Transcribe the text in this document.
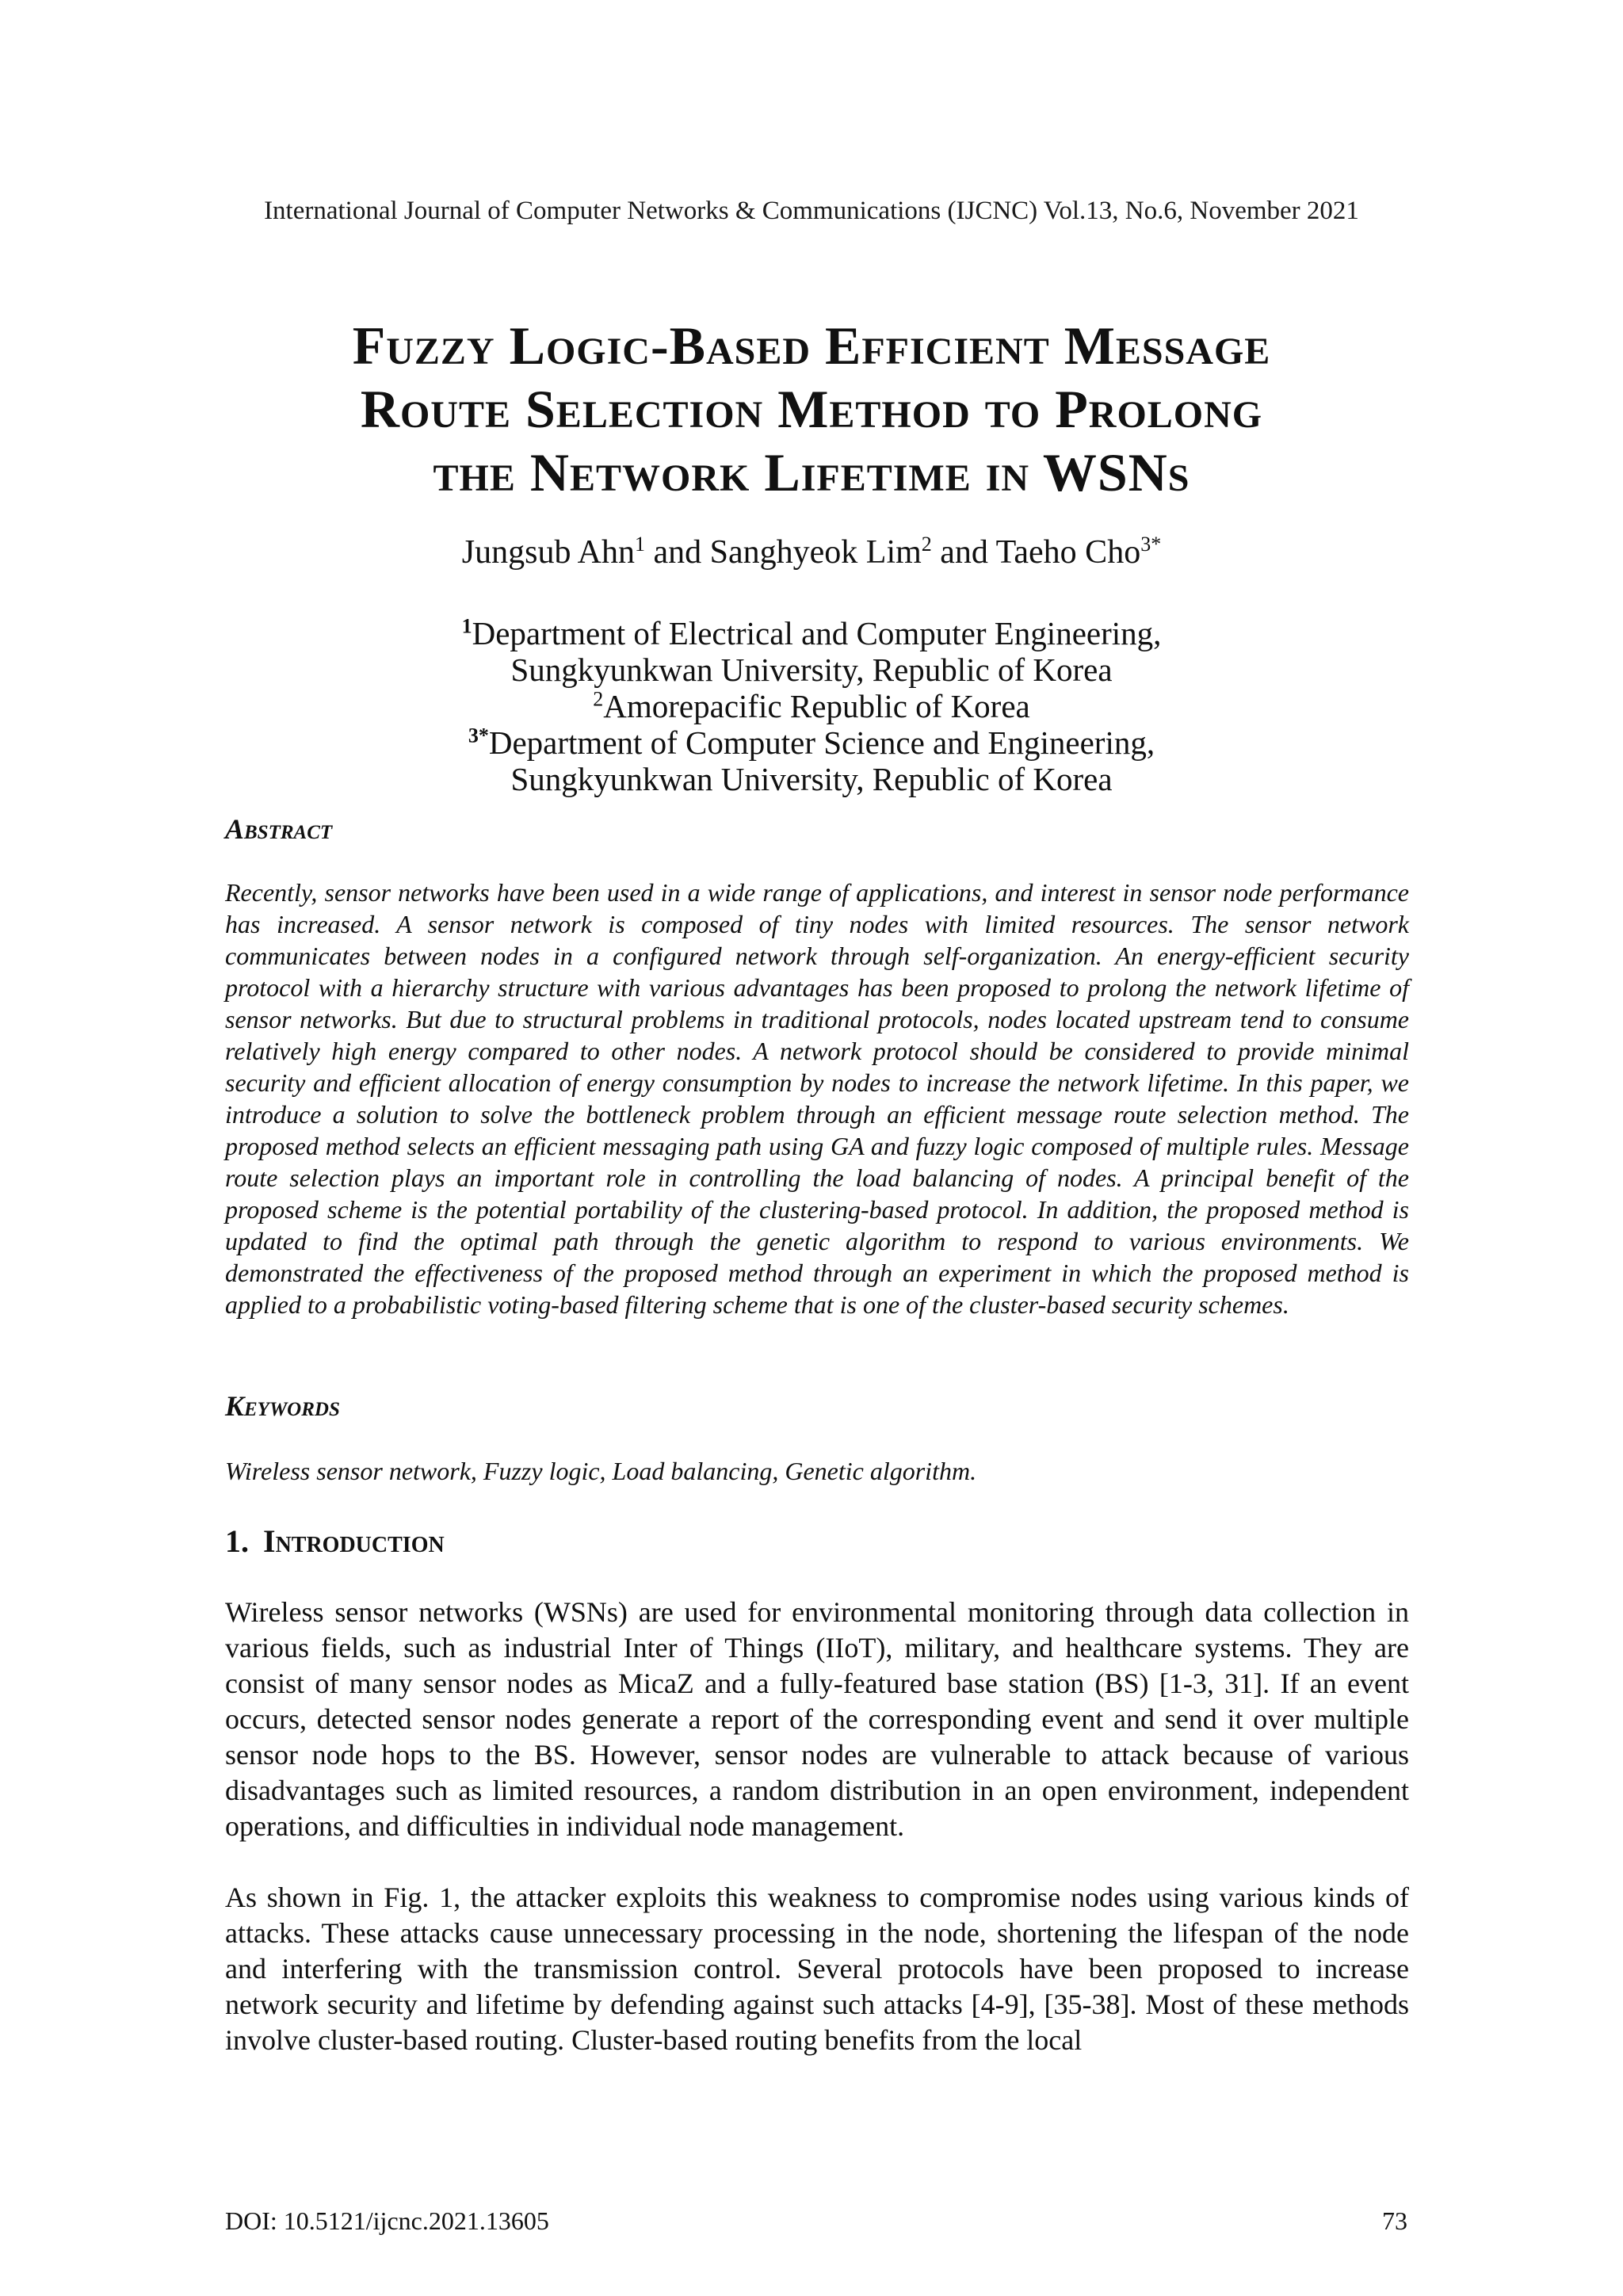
International Journal of Computer Networks & Communications (IJCNC) Vol.13, No.6, November 2021
Fuzzy Logic-Based Efficient Message
Route Selection Method to Prolong
the Network Lifetime in WSNs
Jungsub Ahn$^1$ and Sanghyeok Lim$^2$ and Taeho Cho$^{3*}$
$^1$Department of Electrical and Computer Engineering,
Sungkyunkwan University, Republic of Korea
$^2$Amorepacific Republic of Korea
$^{3*}$Department of Computer Science and Engineering,
Sungkyunkwan University, Republic of Korea
Abstract
Recently, sensor networks have been used in a wide range of applications, and interest in sensor node performance has increased. A sensor network is composed of tiny nodes with limited resources. The sensor network communicates between nodes in a configured network through self-organization. An energy-efficient security protocol with a hierarchy structure with various advantages has been proposed to prolong the network lifetime of sensor networks. But due to structural problems in traditional protocols, nodes located upstream tend to consume relatively high energy compared to other nodes. A network protocol should be considered to provide minimal security and efficient allocation of energy consumption by nodes to increase the network lifetime. In this paper, we introduce a solution to solve the bottleneck problem through an efficient message route selection method. The proposed method selects an efficient messaging path using GA and fuzzy logic composed of multiple rules. Message route selection plays an important role in controlling the load balancing of nodes. A principal benefit of the proposed scheme is the potential portability of the clustering-based protocol. In addition, the proposed method is updated to find the optimal path through the genetic algorithm to respond to various environments. We demonstrated the effectiveness of the proposed method through an experiment in which the proposed method is applied to a probabilistic voting-based filtering scheme that is one of the cluster-based security schemes.
Keywords
Wireless sensor network, Fuzzy logic, Load balancing, Genetic algorithm.
1. Introduction
Wireless sensor networks (WSNs) are used for environmental monitoring through data collection in various fields, such as industrial Inter of Things (IIoT), military, and healthcare systems. They are consist of many sensor nodes as MicaZ and a fully-featured base station (BS) [1-3, 31]. If an event occurs, detected sensor nodes generate a report of the corresponding event and send it over multiple sensor node hops to the BS. However, sensor nodes are vulnerable to attack because of various disadvantages such as limited resources, a random distribution in an open environment, independent operations, and difficulties in individual node management.
As shown in Fig. 1, the attacker exploits this weakness to compromise nodes using various kinds of attacks. These attacks cause unnecessary processing in the node, shortening the lifespan of the node and interfering with the transmission control. Several protocols have been proposed to increase network security and lifetime by defending against such attacks [4-9], [35-38]. Most of these methods involve cluster-based routing. Cluster-based routing benefits from the local
DOI: 10.5121/ijcnc.2021.13605	73
